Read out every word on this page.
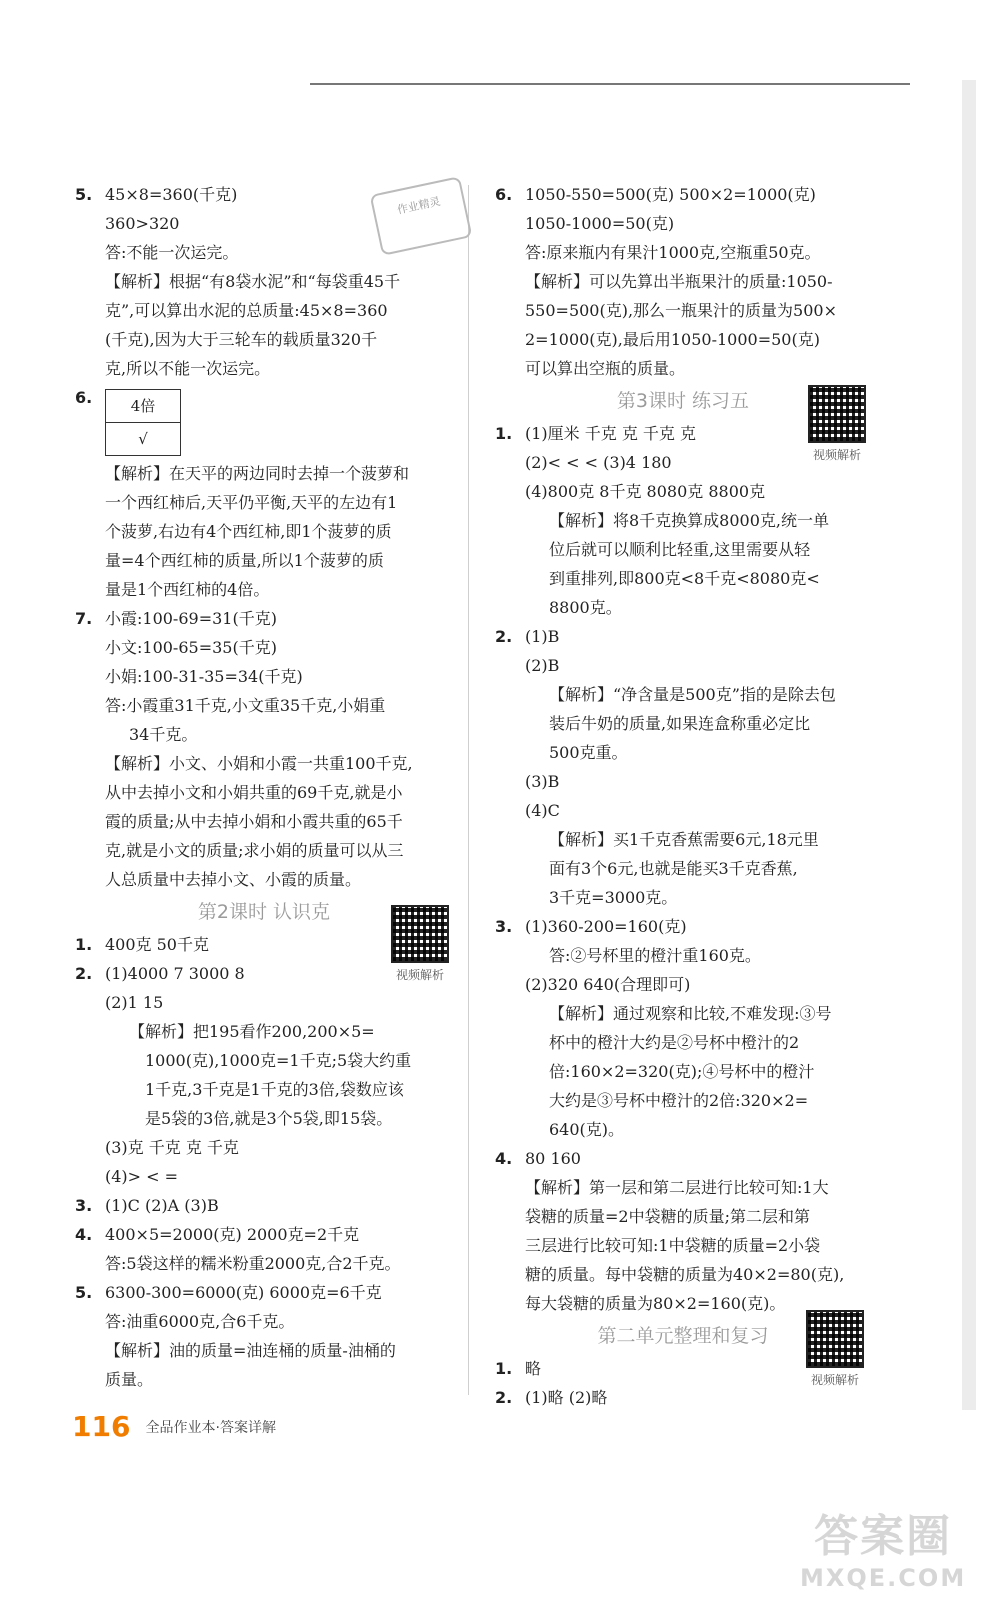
作业精灵
5. 45×8=360(千克)
360>320
答:不能一次运完。
【解析】根据“有8袋水泥”和“每袋重45千
克”,可以算出水泥的总质量:45×8=360
(千克),因为大于三轮车的载质量320千
克,所以不能一次运完。
6.	4倍
√
【解析】在天平的两边同时去掉一个菠萝和
一个西红柿后,天平仍平衡,天平的左边有1
个菠萝,右边有4个西红柿,即1个菠萝的质
量=4个西红柿的质量,所以1个菠萝的质
量是1个西红柿的4倍。
7. 小霞:100-69=31(千克)
小文:100-65=35(千克)
小娟:100-31-35=34(千克)
答:小霞重31千克,小文重35千克,小娟重
34千克。
【解析】小文、小娟和小霞一共重100千克,
从中去掉小文和小娟共重的69千克,就是小
霞的质量;从中去掉小娟和小霞共重的65千
克,就是小文的质量;求小娟的质量可以从三
人总质量中去掉小文、小霞的质量。
第2课时 认识克
1. 400克 50千克
2. (1)4000 7 3000 8
(2)1 15
【解析】把195看作200,200×5=
1000(克),1000克=1千克;5袋大约重
1千克,3千克是1千克的3倍,袋数应该
是5袋的3倍,就是3个5袋,即15袋。
(3)克 千克 克 千克
(4)> < =
3. (1)C (2)A (3)B
4. 400×5=2000(克) 2000克=2千克
答:5袋这样的糯米粉重2000克,合2千克。
5. 6300-300=6000(克) 6000克=6千克
答:油重6000克,合6千克。
【解析】油的质量=油连桶的质量-油桶的
质量。
6. 1050-550=500(克) 500×2=1000(克)
1050-1000=50(克)
答:原来瓶内有果汁1000克,空瓶重50克。
【解析】可以先算出半瓶果汁的质量:1050-
550=500(克),那么一瓶果汁的质量为500×
2=1000(克),最后用1050-1000=50(克)
可以算出空瓶的质量。
第3课时 练习五
1. (1)厘米 千克 克 千克 克
(2)< < < (3)4 180
(4)800克 8千克 8080克 8800克
【解析】将8千克换算成8000克,统一单
位后就可以顺利比轻重,这里需要从轻
到重排列,即800克<8千克<8080克<
8800克。
2. (1)B
(2)B
【解析】“净含量是500克”指的是除去包
装后牛奶的质量,如果连盒称重必定比
500克重。
(3)B
(4)C
【解析】买1千克香蕉需要6元,18元里
面有3个6元,也就是能买3千克香蕉,
3千克=3000克。
3. (1)360-200=160(克)
答:②号杯里的橙汁重160克。
(2)320 640(合理即可)
【解析】通过观察和比较,不难发现:③号
杯中的橙汁大约是②号杯中橙汁的2
倍:160×2=320(克);④号杯中的橙汁
大约是③号杯中橙汁的2倍:320×2=
640(克)。
4. 80 160
【解析】第一层和第二层进行比较可知:1大
袋糖的质量=2中袋糖的质量;第二层和第
三层进行比较可知:1中袋糖的质量=2小袋
糖的质量。每中袋糖的质量为40×2=80(克),
每大袋糖的质量为80×2=160(克)。
第二单元整理和复习
1. 略
2. (1)略 (2)略
视频解析
视频解析
视频解析
116 全品作业本·答案详解
答案圈
MXQE.COM
